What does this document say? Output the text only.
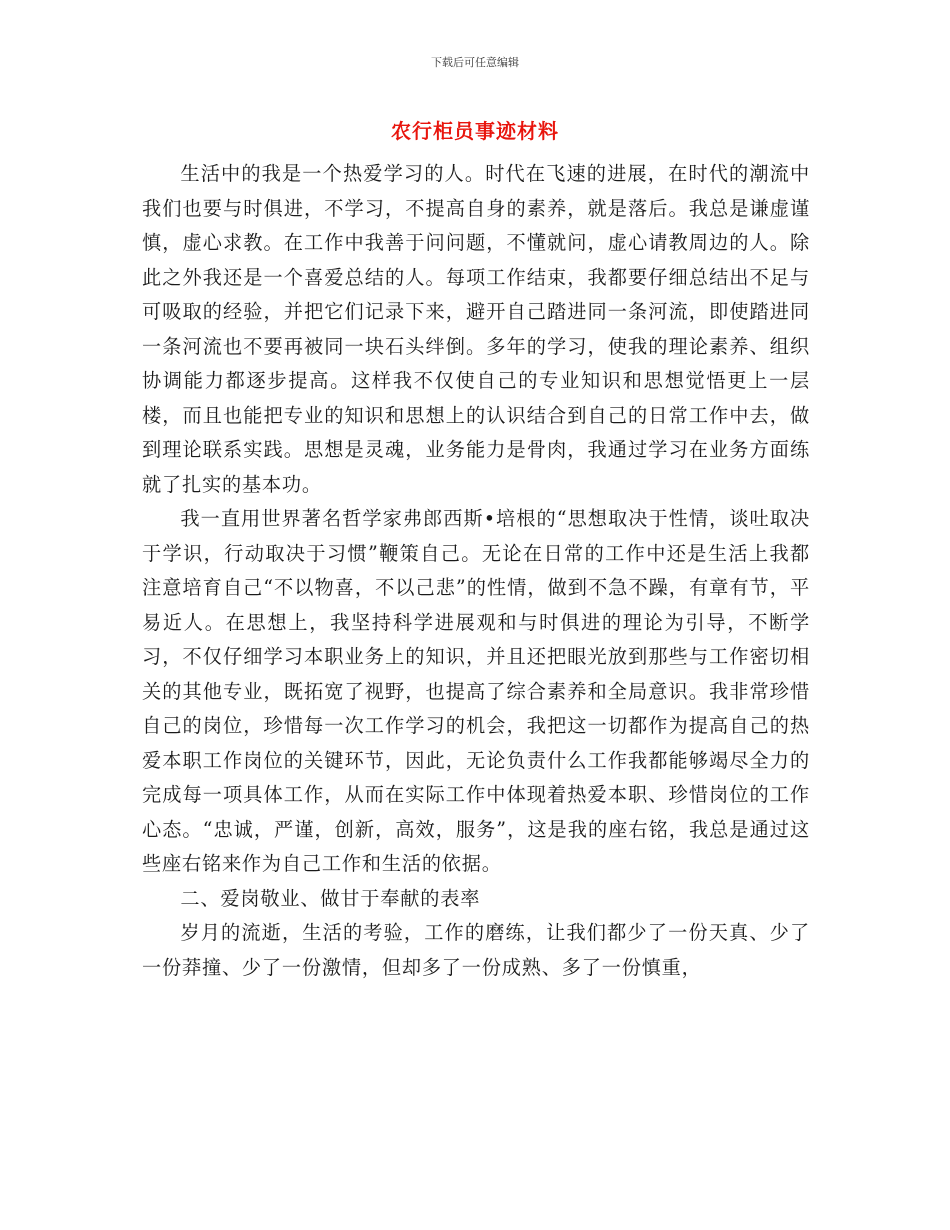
下载后可任意编辑
农行柜员事迹材料

生活中的我是一个热爱学习的人。时代在飞速的进展，在时代的潮流中我们也要与时俱进，不学习，不提高自身的素养，就是落后。我总是谦虚谨慎，虚心求教。在工作中我善于问问题，不懂就问，虚心请教周边的人。除此之外我还是一个喜爱总结的人。每项工作结束，我都要仔细总结出不足与可吸取的经验，并把它们记录下来，避开自己踏进同一条河流，即使踏进同一条河流也不要再被同一块石头绊倒。多年的学习，使我的理论素养、组织协调能力都逐步提高。这样我不仅使自己的专业知识和思想觉悟更上一层楼，而且也能把专业的知识和思想上的认识结合到自己的日常工作中去，做到理论联系实践。思想是灵魂，业务能力是骨肉，我通过学习在业务方面练就了扎实的基本功。

我一直用世界著名哲学家弗郎西斯•培根的“思想取决于性情，谈吐取决于学识，行动取决于习惯”鞭策自己。无论在日常的工作中还是生活上我都注意培育自己“不以物喜，不以己悲”的性情，做到不急不躁，有章有节，平易近人。在思想上，我坚持科学进展观和与时俱进的理论为引导，不断学习，不仅仔细学习本职业务上的知识，并且还把眼光放到那些与工作密切相关的其他专业，既拓宽了视野，也提高了综合素养和全局意识。我非常珍惜自己的岗位，珍惜每一次工作学习的机会，我把这一切都作为提高自己的热爱本职工作岗位的关键环节，因此，无论负责什么工作我都能够竭尽全力的完成每一项具体工作，从而在实际工作中体现着热爱本职、珍惜岗位的工作心态。“忠诚，严谨，创新，高效，服务”，这是我的座右铭，我总是通过这些座右铭来作为自己工作和生活的依据。

二、爱岗敬业、做甘于奉献的表率

岁月的流逝，生活的考验，工作的磨练，让我们都少了一份天真、少了一份莽撞、少了一份激情，但却多了一份成熟、多了一份慎重，
